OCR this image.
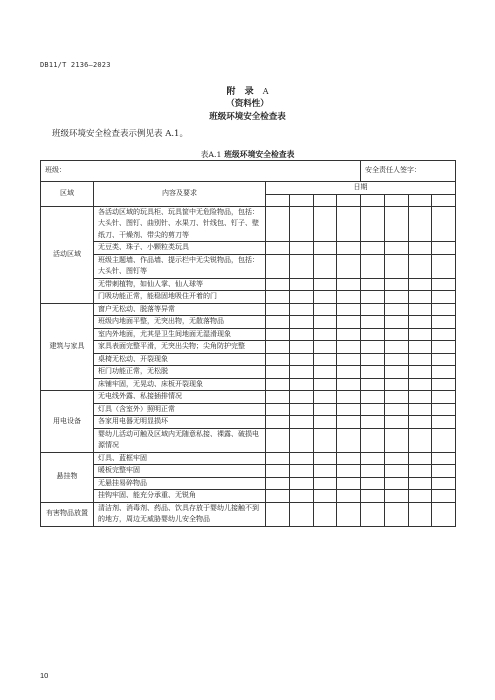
DB11/T 2136—2023
附 录 A
（资料性）
班级环境安全检查表
班级环境安全检查表示例见表 A.1。
表A.1 班级环境安全检查表
班级：						安全责任人签字：			
区域	内容及要求	日期							

活动区域	各活动区域的玩具柜、玩具筐中无危险物品，包括：大头针、图钉、曲别针、水果刀、针线包、钉子、壁纸刀、干燥剂、带尖的剪刀等								
	无豆类、珠子、小颗粒类玩具								
	班级主题墙、作品墙、提示栏中无尖锐物品，包括：大头针、图钉等								
	无带刺植物，如仙人掌、仙人球等								
	门吸功能正常，能稳固地吸住开着的门								
建筑与家具	窗户无松动、脱落等异常								
	班级内地面平整，无突出物，无散落物品								
	室内外地面，尤其是卫生间地面无湿滑现象								
	家具表面完整平滑，无突出尖物；尖角防护完整								
	桌椅无松动、开裂现象								
	柜门功能正常，无松脱								
	床铺牢固，无晃动、床板开裂现象								
用电设备	无电线外露、私接插排情况								
	灯具（含室外）照明正常								
	各家用电器无明显损坏								
	婴幼儿活动可触及区域内无随意私接、裸露、破损电源情况								
悬挂物	灯具、蓝框牢固								
	暖板完整牢固								
	无悬挂易碎物品								
	挂钩牢固、能充分承重、无锐角								
有害物品放置	清洁剂、消毒剂、药品、饮具存放于婴幼儿接触不到的地方，周边无威胁婴幼儿安全物品								
10
